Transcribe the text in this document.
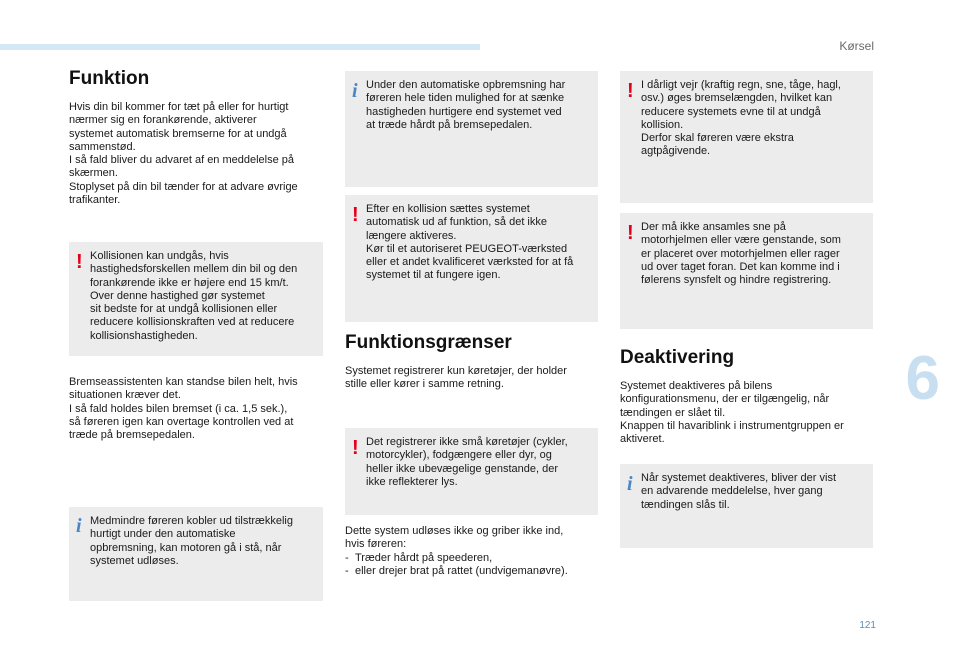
Kørsel
6
121
Funktion
Hvis din bil kommer for tæt på eller for hurtigt
nærmer sig en forankørende, aktiverer
systemet automatisk bremserne for at undgå
sammenstød.
I så fald bliver du advaret af en meddelelse på
skærmen.
Stoplyset på din bil tænder for at advare øvrige
trafikanter.
! Kollisionen kan undgås, hvis
hastighedsforskellen mellem din bil og den
forankørende ikke er højere end 15 km/t.
Over denne hastighed gør systemet
sit bedste for at undgå kollisionen eller
reducere kollisionskraften ved at reducere
kollisionshastigheden.
Bremseassistenten kan standse bilen helt, hvis
situationen kræver det.
I så fald holdes bilen bremset (i ca. 1,5 sek.),
så føreren igen kan overtage kontrollen ved at
træde på bremsepedalen.
i Medmindre føreren kobler ud tilstrækkelig
hurtigt under den automatiske
opbremsning, kan motoren gå i stå, når
systemet udløses.
i Under den automatiske opbremsning har
føreren hele tiden mulighed for at sænke
hastigheden hurtigere end systemet ved
at træde hårdt på bremsepedalen.
! Efter en kollision sættes systemet
automatisk ud af funktion, så det ikke
længere aktiveres.
Kør til et autoriseret PEUGEOT-værksted
eller et andet kvalificeret værksted for at få
systemet til at fungere igen.
Funktionsgrænser
Systemet registrerer kun køretøjer, der holder
stille eller kører i samme retning.
! Det registrerer ikke små køretøjer (cykler,
motorcykler), fodgængere eller dyr, og
heller ikke ubevægelige genstande, der
ikke reflekterer lys.
Dette system udløses ikke og griber ikke ind,
hvis føreren:
- Træder hårdt på speederen,
- eller drejer brat på rattet (undvigemanøvre).
! I dårligt vejr (kraftig regn, sne, tåge, hagl,
osv.) øges bremselængden, hvilket kan
reducere systemets evne til at undgå
kollision.
Derfor skal føreren være ekstra
agtpågivende.
! Der må ikke ansamles sne på
motorhjelmen eller være genstande, som
er placeret over motorhjelmen eller rager
ud over taget foran. Det kan komme ind i
følerens synsfelt og hindre registrering.
Deaktivering
Systemet deaktiveres på bilens
konfigurationsmenu, der er tilgængelig, når
tændingen er slået til.
Knappen til havariblink i instrumentgruppen er
aktiveret.
i Når systemet deaktiveres, bliver der vist
en advarende meddelelse, hver gang
tændingen slås til.
